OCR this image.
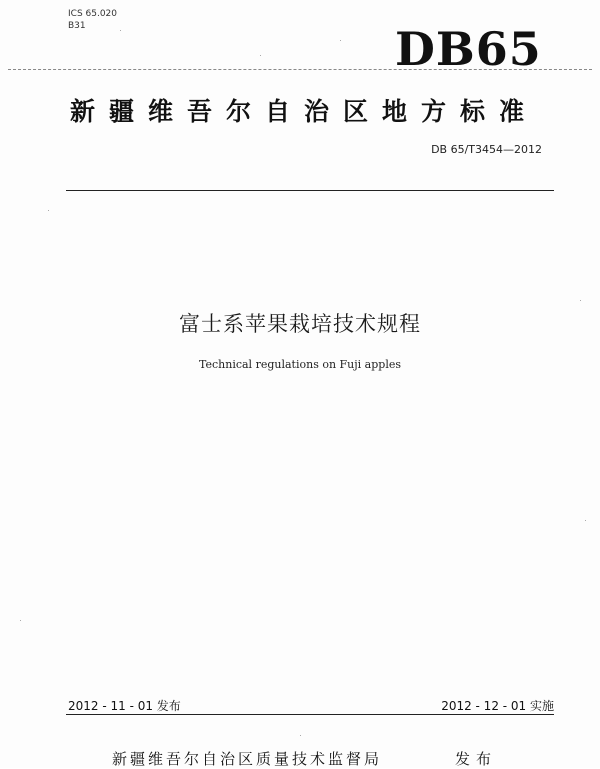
ICS 65.020
B31	DB65
新疆维吾尔自治区地方标准
DB 65/T3454—2012
富士系苹果栽培技术规程
Technical regulations on Fuji apples
2012 - 11 - 01 发布	2012 - 12 - 01 实施
新疆维吾尔自治区质量技术监督局	发布
